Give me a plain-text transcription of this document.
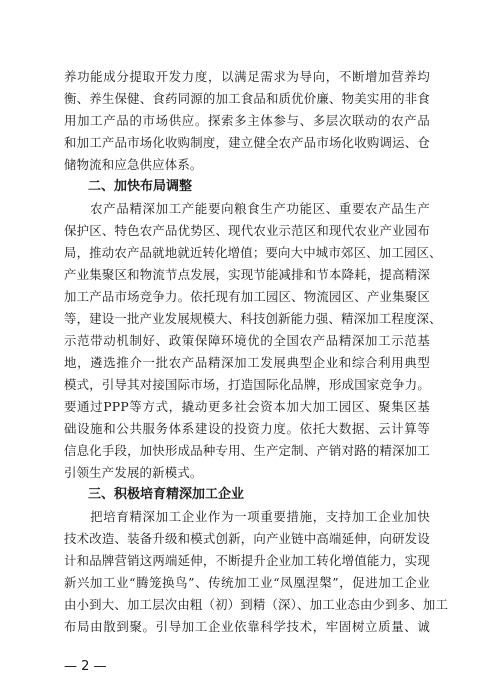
养功能成分提取开发力度，以满足需求为导向，不断增加营养均
衡、养生保健、食药同源的加工食品和质优价廉、物美实用的非食
用加工产品的市场供应。探索多主体参与、多层次联动的农产品
和加工产品市场化收购制度，建立健全农产品市场化收购调运、仓
储物流和应急供应体系。
二、加快布局调整
　　农产品精深加工产能要向粮食生产功能区、重要农产品生产
保护区、特色农产品优势区、现代农业示范区和现代农业产业园布
局，推动农产品就地就近转化增值；要向大中城市郊区、加工园区、
产业集聚区和物流节点发展，实现节能减排和节本降耗，提高精深
加工产品市场竞争力。依托现有加工园区、物流园区、产业集聚区
等，建设一批产业发展规模大、科技创新能力强、精深加工程度深、
示范带动机制好、政策保障环境优的全国农产品精深加工示范基
地，遴选推介一批农产品精深加工发展典型企业和综合利用典型
模式，引导其对接国际市场，打造国际化品牌，形成国家竞争力。
要通过PPP等方式，撬动更多社会资本加大加工园区、聚集区基
础设施和公共服务体系建设的投资力度。依托大数据、云计算等
信息化手段，加快形成品种专用、生产定制、产销对路的精深加工
引领生产发展的新模式。
三、积极培育精深加工企业
　　把培育精深加工企业作为一项重要措施，支持加工企业加快
技术改造、装备升级和模式创新，向产业链中高端延伸，向研发设
计和品牌营销这两端延伸，不断提升企业加工转化增值能力，实现
新兴加工业“腾笼换鸟”、传统加工业“凤凰涅槃”，促进加工企业
由小到大、加工层次由粗（初）到精（深）、加工业态由少到多、加工
布局由散到聚。引导加工企业依靠科学技术，牢固树立质量、诚
— 2 —
